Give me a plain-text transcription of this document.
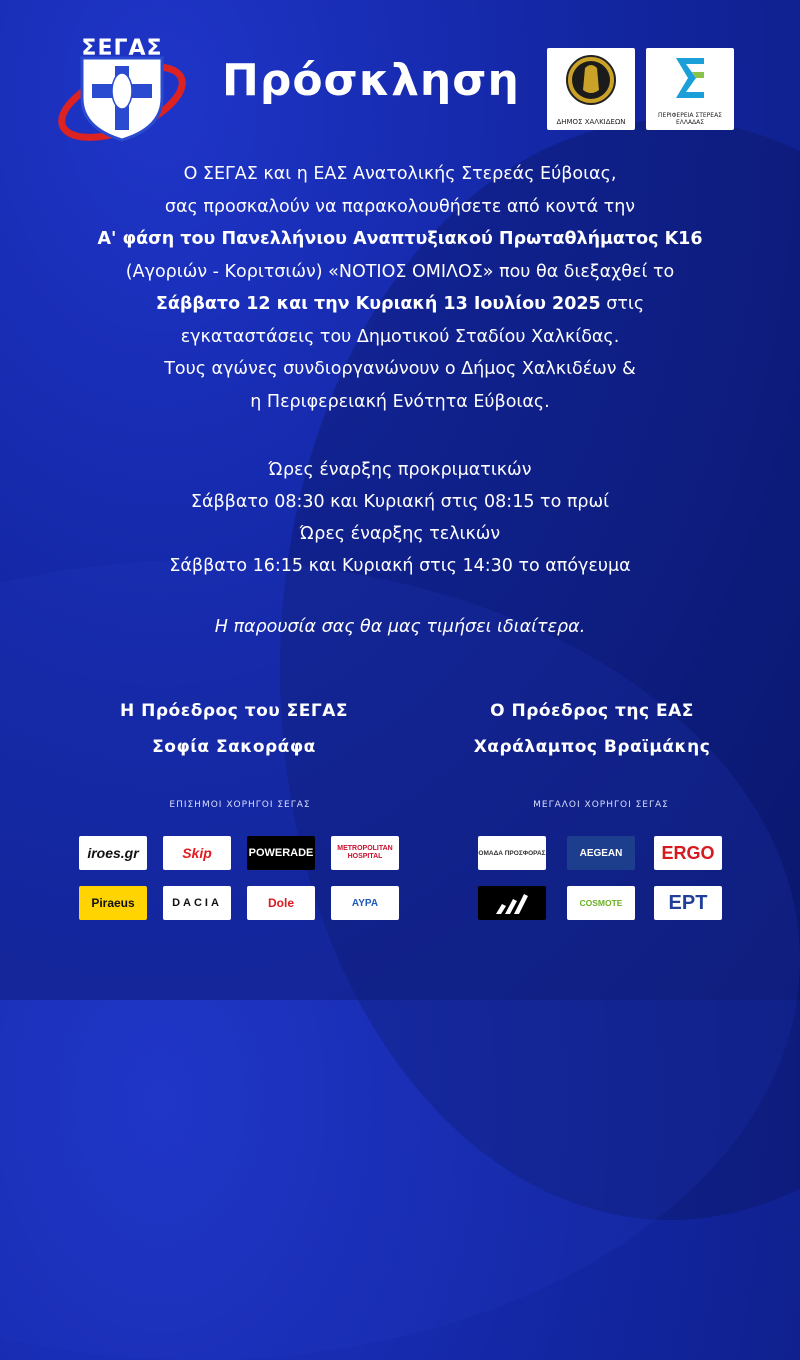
ΣΕΓΑΣ
Πρόσκληση
ΔΗΜΟΣ ΧΑΛΚΙΔΕΩΝ
ΠΕΡΙΦΕΡΕΙΑ ΣΤΕΡΕΑΣ ΕΛΛΑΔΑΣ
Ο ΣΕΓΑΣ και η ΕΑΣ Ανατολικής Στερεάς Εύβοιας,
σας προσκαλούν να παρακολουθήσετε από κοντά την
Α' φάση του Πανελλήνιου Αναπτυξιακού Πρωταθλήματος Κ16
(Αγοριών - Κοριτσιών) «ΝΟΤΙΟΣ ΟΜΙΛΟΣ» που θα διεξαχθεί το
Σάββατο 12 και την Κυριακή 13 Ιουλίου 2025 στις
εγκαταστάσεις του Δημοτικού Σταδίου Χαλκίδας.
Τους αγώνες συνδιοργανώνουν ο Δήμος Χαλκιδέων &
η Περιφερειακή Ενότητα Εύβοιας.
Ώρες έναρξης προκριματικών
Σάββατο 08:30 και Κυριακή στις 08:15 το πρωί
Ώρες έναρξης τελικών
Σάββατο 16:15 και Κυριακή στις 14:30 το απόγευμα
Η παρουσία σας θα μας τιμήσει ιδιαίτερα.
Η Πρόεδρος του ΣΕΓΑΣ
Σοφία Σακοράφα
Ο Πρόεδρος της ΕΑΣ
Χαράλαμπος Βραϊμάκης
ΕΠΙΣΗΜΟΙ ΧΟΡΗΓΟΙ ΣΕΓΑΣ	ΜΕΓΑΛΟΙ ΧΟΡΗΓΟΙ ΣΕΓΑΣ
iroes.gr	Skip	POWERADE	METROPOLITAN HOSPITAL
Piraeus	DACIA	Dole	ΑΥΡΑ
ΟΜΑΔΑ ΠΡΟΣΦΟΡΑΣ	AEGEAN	ERGO
COSMOTE	ΕΡΤ
